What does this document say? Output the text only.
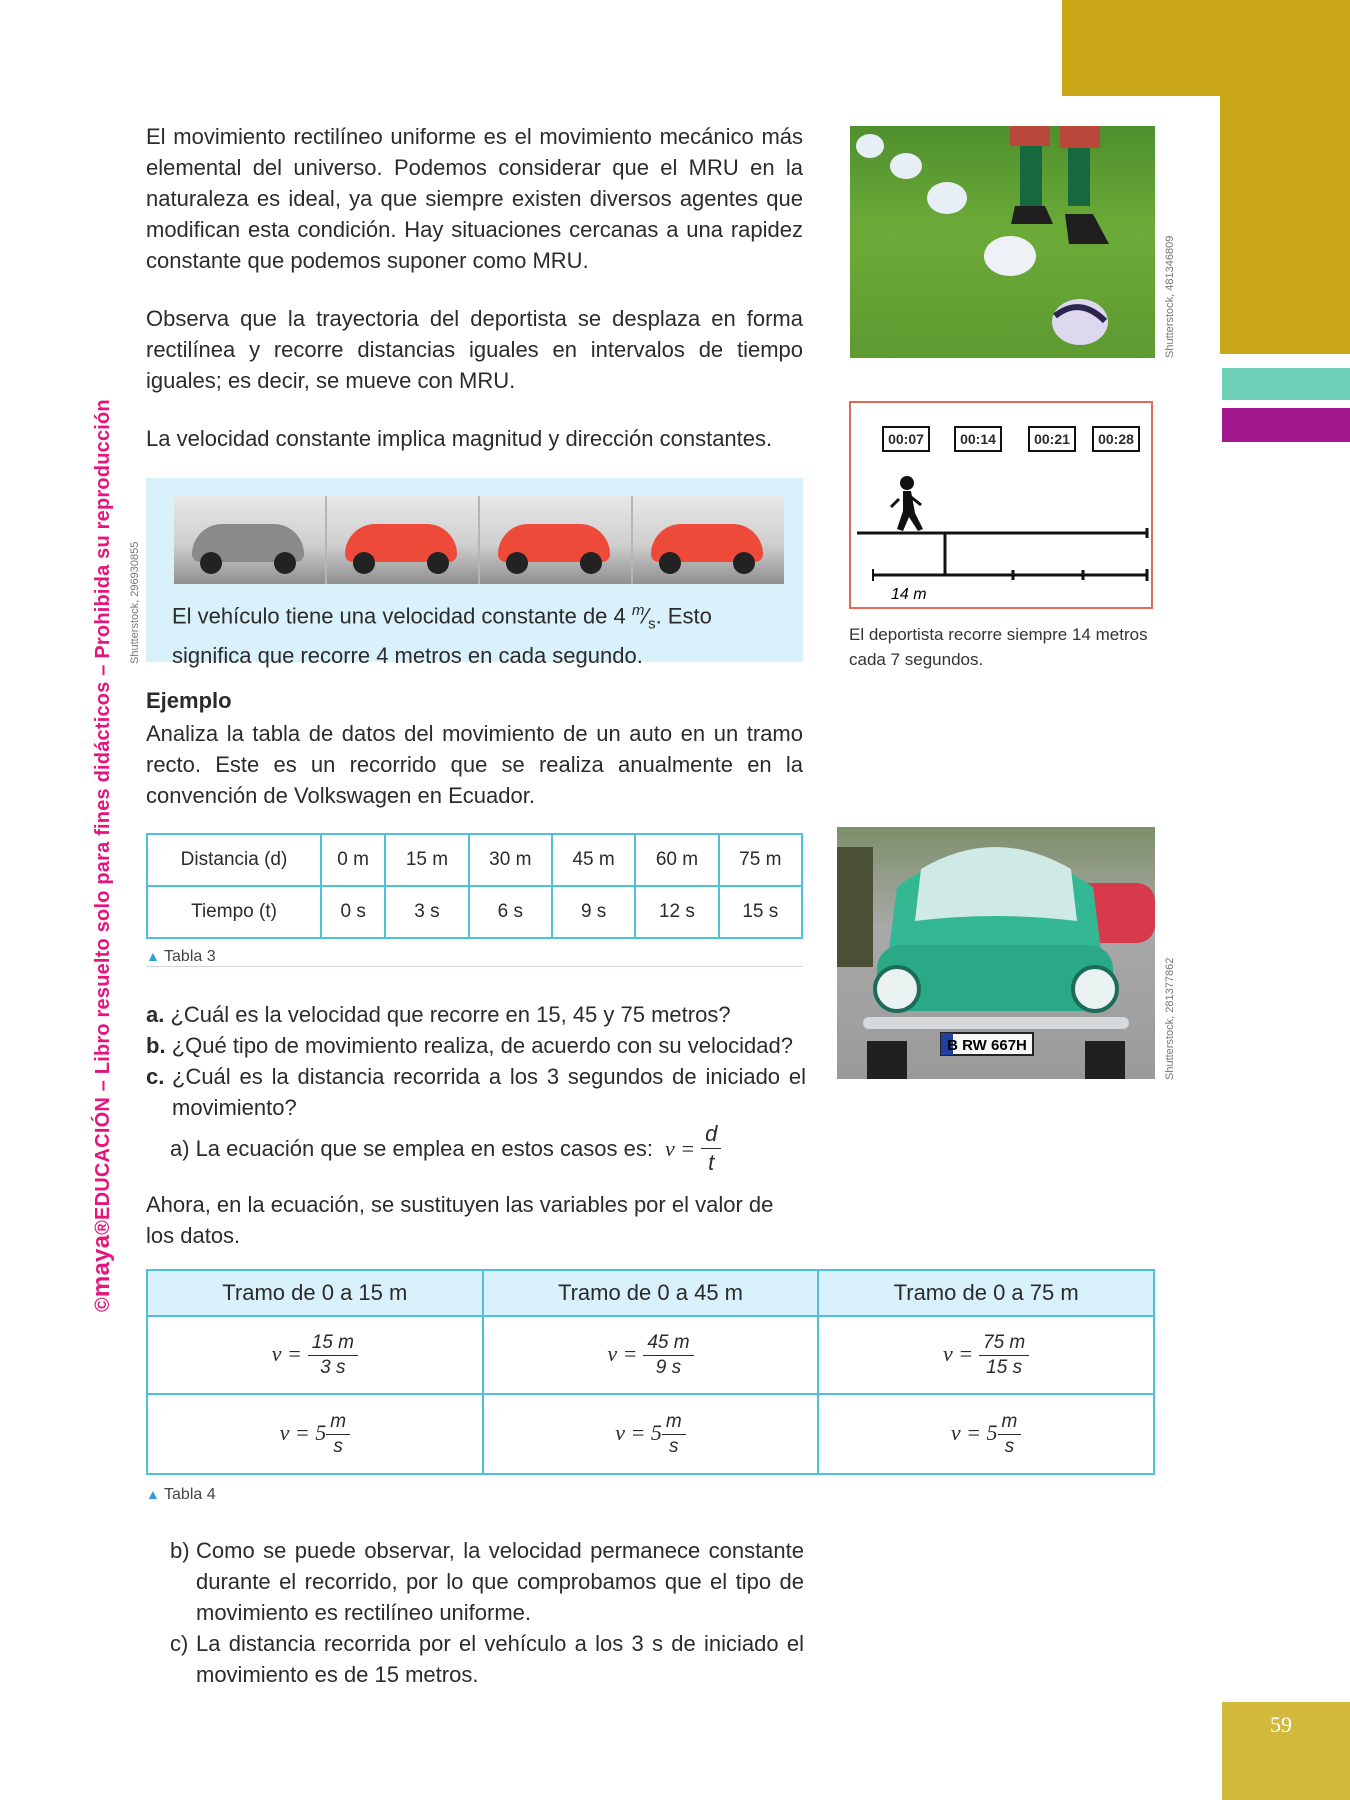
©maya®EDUCACIÓN – Libro resuelto solo para fines didácticos – Prohibida su reproducción
El movimiento rectilíneo uniforme es el movimiento mecánico más elemental del universo. Podemos considerar que el MRU en la naturaleza es ideal, ya que siempre existen diversos agentes que modifican esta condición. Hay situaciones cercanas a una rapidez constante que podemos suponer como MRU.
Observa que la trayectoria del deportista se desplaza en forma rectilínea y recorre distancias iguales en intervalos de tiempo iguales; es decir, se mueve con MRU.
La velocidad constante implica magnitud y dirección constantes.
Shutterstock, 481346809
14 m
00:07	00:14	00:21	00:28
El deportista recorre siempre 14 metros cada 7 segundos.
Shutterstock, 296930855 El vehículo tiene una velocidad constante de 4 $^m⁄_s$. Esto significa que recorre 4 metros en cada segundo.
Ejemplo
Analiza la tabla de datos del movimiento de un auto en un tramo recto. Este es un recorrido que se realiza anualmente en la convención de Volkswagen en Ecuador.
Distancia (d)	0 m	15 m	30 m	45 m	60 m	75 m
Tiempo (t)	0 s	3 s	6 s	9 s	12 s	15 s
▲ Tabla 3
B RW 667H	Shutterstock, 281377862
a. ¿Cuál es la velocidad que recorre en 15, 45 y 75 metros?
b. ¿Qué tipo de movimiento realiza, de acuerdo con su velocidad?
c. ¿Cuál es la distancia recorrida a los 3 segundos de iniciado el movimiento?
a) La ecuación que se emplea en estos casos es: $v = \frac{d}{t}$
Ahora, en la ecuación, se sustituyen las variables por el valor de los datos.
Tramo de 0 a 15 m	Tramo de 0 a 45 m	Tramo de 0 a 75 m
$v = \frac{15 m}{3 s}$	$v = \frac{45 m}{9 s}$	$v = \frac{75 m}{15 s}$

$v = 5 \frac{m}{s}$	$v = 5 \frac{m}{s}$	$v = 5 \frac{m}{s}$
▲ Tabla 4
b) Como se puede observar, la velocidad permanece constante durante el recorrido, por lo que comprobamos que el tipo de movimiento es rectilíneo uniforme.
c) La distancia recorrida por el vehículo a los 3 s de iniciado el movimiento es de 15 metros.
59
